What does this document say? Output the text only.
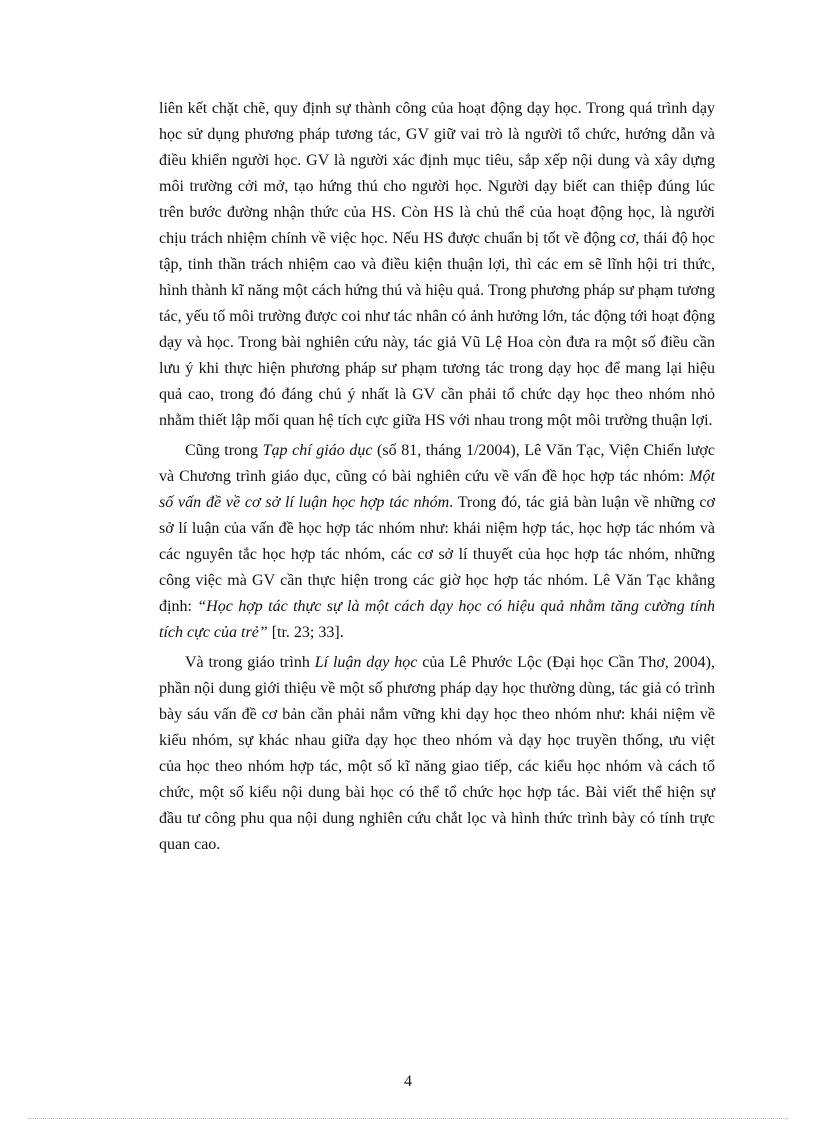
liên kết chặt chẽ, quy định sự thành công của hoạt động dạy học. Trong quá trình dạy học sử dụng phương pháp tương tác, GV giữ vai trò là người tổ chức, hướng dẫn và điều khiển người học. GV là người xác định mục tiêu, sắp xếp nội dung và xây dựng môi trường cởi mở, tạo hứng thú cho người học. Người dạy biết can thiệp đúng lúc trên bước đường nhận thức của HS. Còn HS là chủ thể của hoạt động học, là người chịu trách nhiệm chính về việc học. Nếu HS được chuẩn bị tốt về động cơ, thái độ học tập, tinh thần trách nhiệm cao và điều kiện thuận lợi, thì các em sẽ lĩnh hội tri thức, hình thành kĩ năng một cách hứng thú và hiệu quả. Trong phương pháp sư phạm tương tác, yếu tố môi trường được coi như tác nhân có ảnh hưởng lớn, tác động tới hoạt động dạy và học. Trong bài nghiên cứu này, tác giả Vũ Lệ Hoa còn đưa ra một số điều cần lưu ý khi thực hiện phương pháp sư phạm tương tác trong dạy học để mang lại hiệu quả cao, trong đó đáng chú ý nhất là GV cần phải tổ chức dạy học theo nhóm nhỏ nhằm thiết lập mối quan hệ tích cực giữa HS với nhau trong một môi trường thuận lợi.

Cũng trong Tạp chí giáo dục (số 81, tháng 1/2004), Lê Văn Tạc, Viện Chiến lược và Chương trình giáo dục, cũng có bài nghiên cứu về vấn đề học hợp tác nhóm: Một số vấn đề về cơ sở lí luận học hợp tác nhóm. Trong đó, tác giả bàn luận về những cơ sở lí luận của vấn đề học hợp tác nhóm như: khái niệm hợp tác, học hợp tác nhóm và các nguyên tắc học hợp tác nhóm, các cơ sở lí thuyết của học hợp tác nhóm, những công việc mà GV cần thực hiện trong các giờ học hợp tác nhóm. Lê Văn Tạc khẳng định: “Học hợp tác thực sự là một cách dạy học có hiệu quả nhằm tăng cường tính tích cực của trẻ” [tr. 23; 33].

Và trong giáo trình Lí luận dạy học của Lê Phước Lộc (Đại học Cần Thơ, 2004), phần nội dung giới thiệu về một số phương pháp dạy học thường dùng, tác giả có trình bày sáu vấn đề cơ bản cần phải nắm vững khi dạy học theo nhóm như: khái niệm về kiểu nhóm, sự khác nhau giữa dạy học theo nhóm và dạy học truyền thống, ưu việt của học theo nhóm hợp tác, một số kĩ năng giao tiếp, các kiểu học nhóm và cách tổ chức, một số kiểu nội dung bài học có thể tổ chức học hợp tác. Bài viết thể hiện sự đầu tư công phu qua nội dung nghiên cứu chắt lọc và hình thức trình bày có tính trực quan cao.

4
